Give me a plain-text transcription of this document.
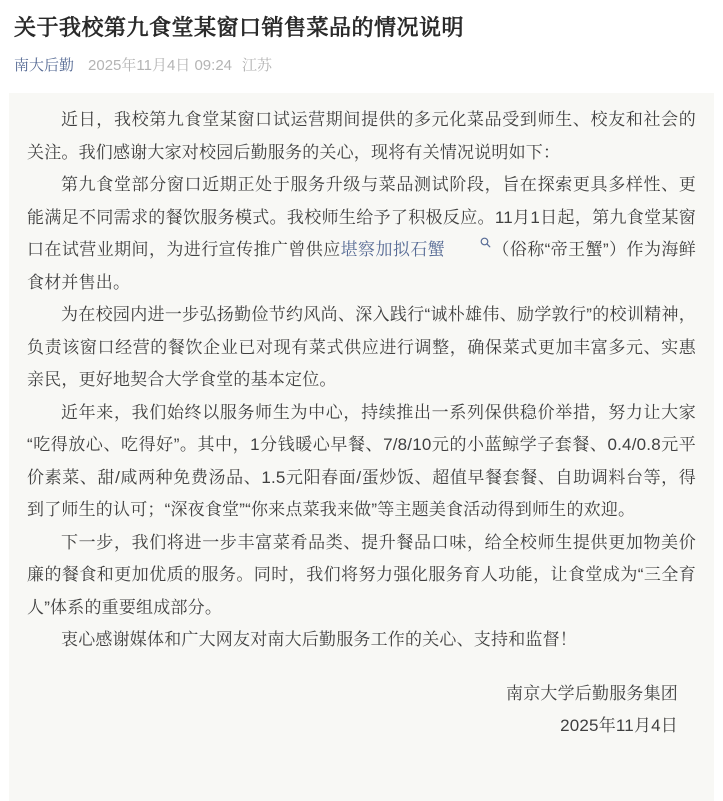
关于我校第九食堂某窗口销售菜品的情况说明
南大后勤 2025年11月4日 09:24 江苏

近日，我校第九食堂某窗口试运营期间提供的多元化菜品受到师生、校友和社会的关注。我们感谢大家对校园后勤服务的关心，现将有关情况说明如下：

第九食堂部分窗口近期正处于服务升级与菜品测试阶段，旨在探索更具多样性、更能满足不同需求的餐饮服务模式。我校师生给予了积极反应。11月1日起，第九食堂某窗口在试营业期间，为进行宣传推广曾供应堪察加拟石蟹	（俗称“帝王蟹”）作为海鲜食材并售出。

为在校园内进一步弘扬勤俭节约风尚、深入践行“诚朴雄伟、励学敦行”的校训精神，负责该窗口经营的餐饮企业已对现有菜式供应进行调整，确保菜式更加丰富多元、实惠亲民，更好地契合大学食堂的基本定位。

近年来，我们始终以服务师生为中心，持续推出一系列保供稳价举措，努力让大家“吃得放心、吃得好”。其中，1分钱暖心早餐、7/8/10元的小蓝鲸学子套餐、0.4/0.8元平价素菜、甜/咸两种免费汤品、1.5元阳春面/蛋炒饭、超值早餐套餐、自助调料台等，得到了师生的认可；“深夜食堂”“你来点菜我来做”等主题美食活动得到师生的欢迎。

下一步，我们将进一步丰富菜肴品类、提升餐品口味，给全校师生提供更加物美价廉的餐食和更加优质的服务。同时，我们将努力强化服务育人功能，让食堂成为“三全育人”体系的重要组成部分。

衷心感谢媒体和广大网友对南大后勤服务工作的关心、支持和监督！

南京大学后勤服务集团

2025年11月4日
